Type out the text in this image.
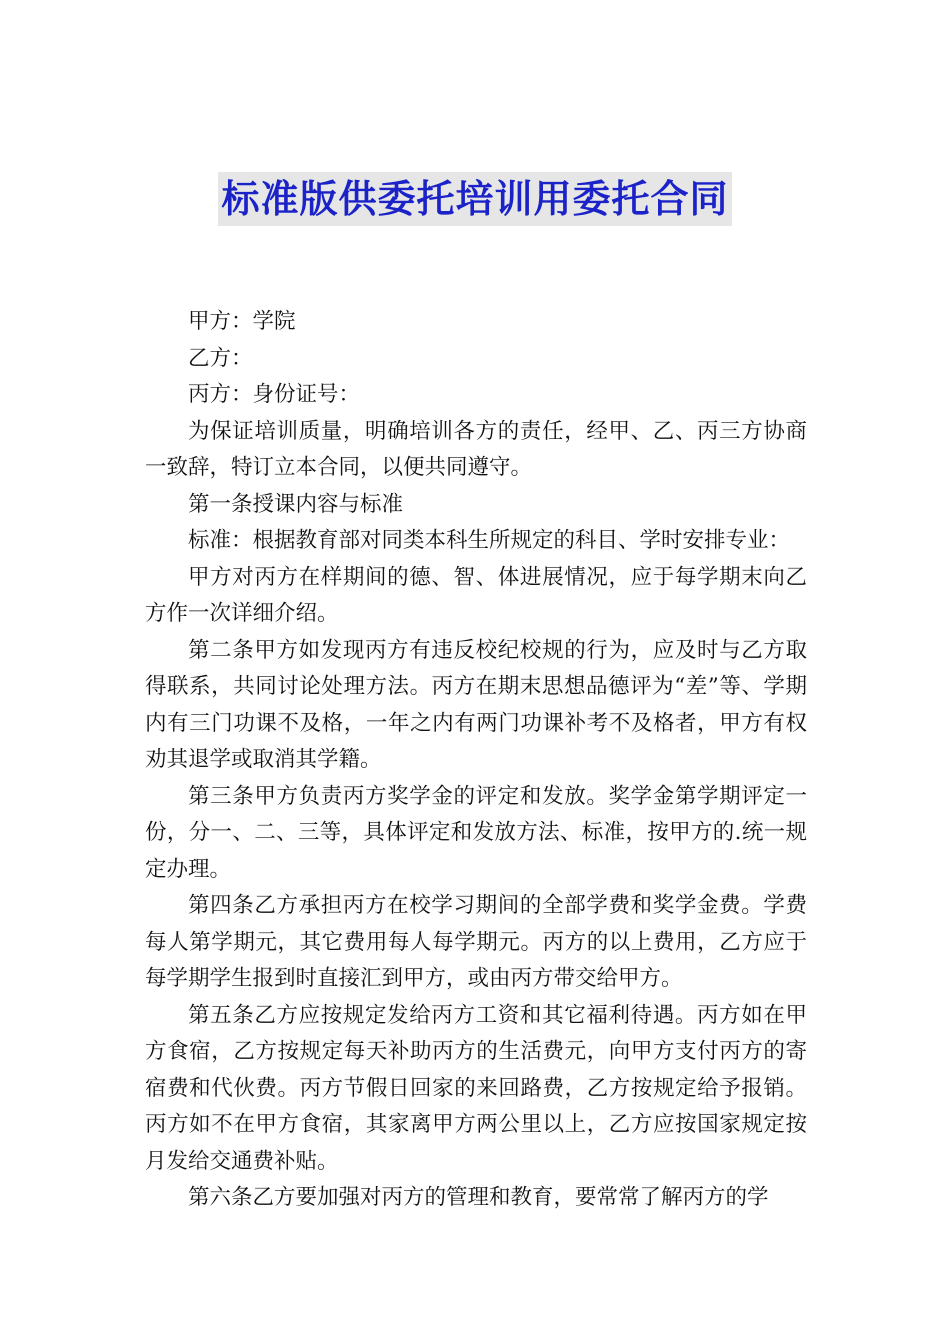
标准版供委托培训用委托合同

甲方：学院

乙方：

丙方：身份证号：

为保证培训质量，明确培训各方的责任，经甲、乙、丙三方协商一致辞，特订立本合同，以便共同遵守。

第一条授课内容与标准

标准：根据教育部对同类本科生所规定的科目、学时安排专业：

甲方对丙方在样期间的德、智、体进展情况，应于每学期末向乙方作一次详细介绍。

第二条甲方如发现丙方有违反校纪校规的行为，应及时与乙方取得联系，共同讨论处理方法。丙方在期末思想品德评为“差”等、学期内有三门功课不及格，一年之内有两门功课补考不及格者，甲方有权劝其退学或取消其学籍。

第三条甲方负责丙方奖学金的评定和发放。奖学金第学期评定一份，分一、二、三等，具体评定和发放方法、标准，按甲方的.统一规定办理。

第四条乙方承担丙方在校学习期间的全部学费和奖学金费。学费每人第学期元，其它费用每人每学期元。丙方的以上费用，乙方应于每学期学生报到时直接汇到甲方，或由丙方带交给甲方。

第五条乙方应按规定发给丙方工资和其它福利待遇。丙方如在甲方食宿，乙方按规定每天补助丙方的生活费元，向甲方支付丙方的寄宿费和代伙费。丙方节假日回家的来回路费，乙方按规定给予报销。丙方如不在甲方食宿，其家离甲方两公里以上，乙方应按国家规定按月发给交通费补贴。

第六条乙方要加强对丙方的管理和教育，要常常了解丙方的学
